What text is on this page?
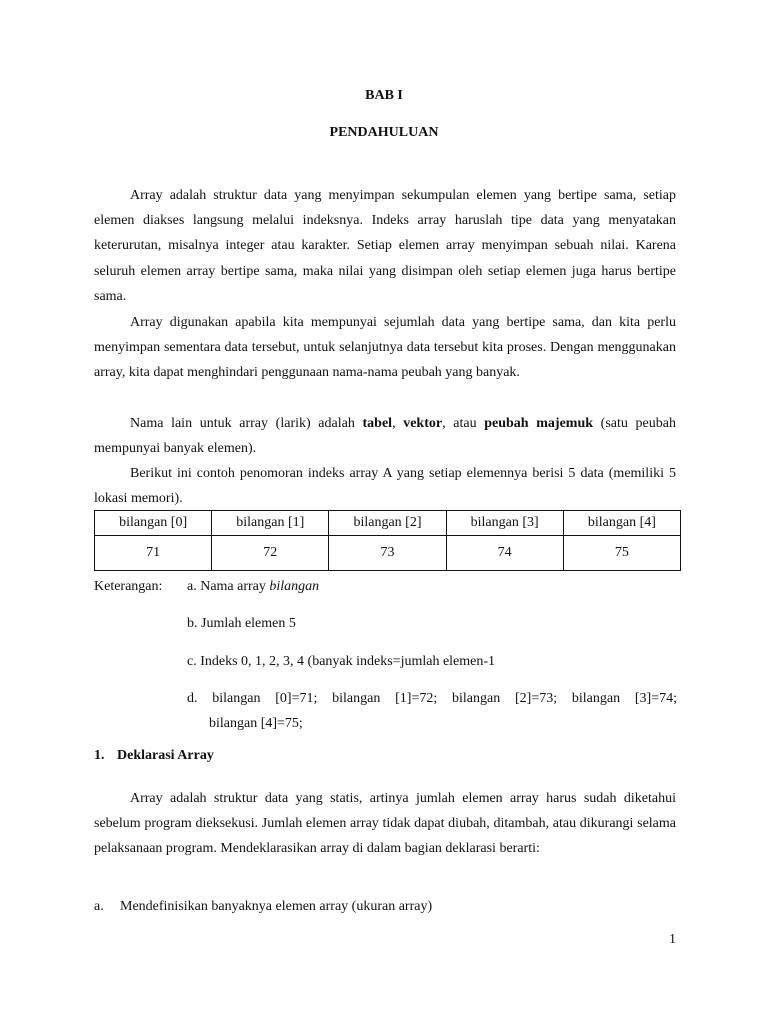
BAB I
PENDAHULUAN

Array adalah struktur data yang menyimpan sekumpulan elemen yang bertipe sama, setiap elemen diakses langsung melalui indeksnya. Indeks array haruslah tipe data yang menyatakan keterurutan, misalnya integer atau karakter. Setiap elemen array menyimpan sebuah nilai. Karena seluruh elemen array bertipe sama, maka nilai yang disimpan oleh setiap elemen juga harus bertipe sama.

Array digunakan apabila kita mempunyai sejumlah data yang bertipe sama, dan kita perlu menyimpan sementara data tersebut, untuk selanjutnya data tersebut kita proses. Dengan menggunakan array, kita dapat menghindari penggunaan nama-nama peubah yang banyak.

Nama lain untuk array (larik) adalah tabel, vektor, atau peubah majemuk (satu peubah mempunyai banyak elemen).

Berikut ini contoh penomoran indeks array A yang setiap elemennya berisi 5 data (memiliki 5 lokasi memori).

bilangan [0]	bilangan [1]	bilangan [2]	bilangan [3]	bilangan [4]
71	72	73	74	75

Keterangan: a. Nama array bilangan

b. Jumlah elemen 5

c. Indeks 0, 1, 2, 3, 4 (banyak indeks=jumlah elemen-1

d. bilangan [0]=71; bilangan [1]=72; bilangan [2]=73; bilangan [3]=74;
bilangan [4]=75;

1. Deklarasi Array

Array adalah struktur data yang statis, artinya jumlah elemen array harus sudah diketahui sebelum program dieksekusi. Jumlah elemen array tidak dapat diubah, ditambah, atau dikurangi selama pelaksanaan program. Mendeklarasikan array di dalam bagian deklarasi berarti:

a. Mendefinisikan banyaknya elemen array (ukuran array)

1
